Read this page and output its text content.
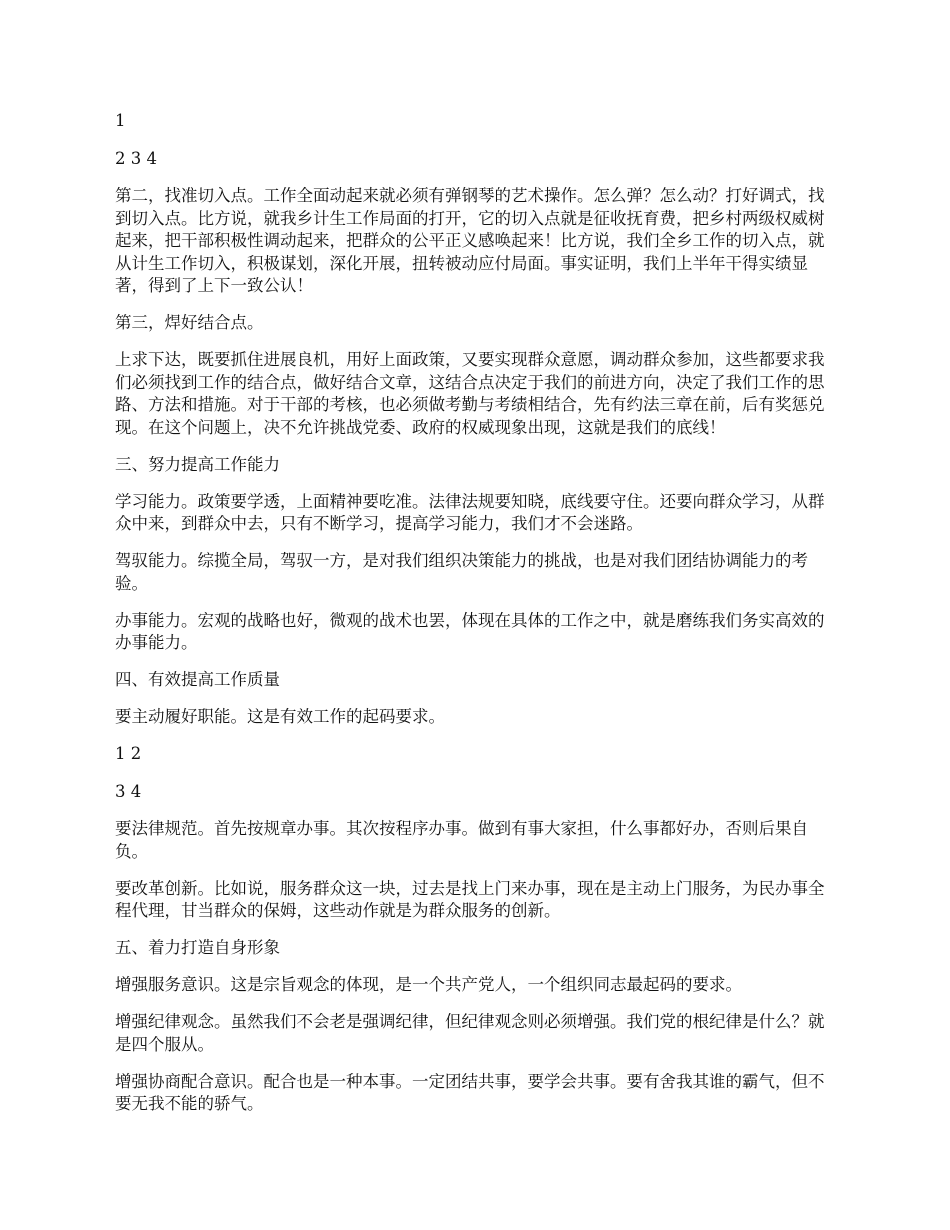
1

2 3 4

第二，找准切入点。工作全面动起来就必须有弹钢琴的艺术操作。怎么弹？怎么动？打好调式，找到切入点。比方说，就我乡计生工作局面的打开，它的切入点就是征收抚育费，把乡村两级权威树起来，把干部积极性调动起来，把群众的公平正义感唤起来！比方说，我们全乡工作的切入点，就从计生工作切入，积极谋划，深化开展，扭转被动应付局面。事实证明，我们上半年干得实绩显著，得到了上下一致公认！

第三，焊好结合点。

上求下达，既要抓住进展良机，用好上面政策，又要实现群众意愿，调动群众参加，这些都要求我们必须找到工作的结合点，做好结合文章，这结合点决定于我们的前进方向，决定了我们工作的思路、方法和措施。对于干部的考核，也必须做考勤与考绩相结合，先有约法三章在前，后有奖惩兑现。在这个问题上，决不允许挑战党委、政府的权威现象出现，这就是我们的底线！

三、努力提高工作能力

学习能力。政策要学透，上面精神要吃准。法律法规要知晓，底线要守住。还要向群众学习，从群众中来，到群众中去，只有不断学习，提高学习能力，我们才不会迷路。

驾驭能力。综揽全局，驾驭一方，是对我们组织决策能力的挑战，也是对我们团结协调能力的考验。

办事能力。宏观的战略也好，微观的战术也罢，体现在具体的工作之中，就是磨练我们务实高效的办事能力。

四、有效提高工作质量

要主动履好职能。这是有效工作的起码要求。

1 2

3 4

要法律规范。首先按规章办事。其次按程序办事。做到有事大家担，什么事都好办，否则后果自负。

要改革创新。比如说，服务群众这一块，过去是找上门来办事，现在是主动上门服务，为民办事全程代理，甘当群众的保姆，这些动作就是为群众服务的创新。

五、着力打造自身形象

增强服务意识。这是宗旨观念的体现，是一个共产党人，一个组织同志最起码的要求。

增强纪律观念。虽然我们不会老是强调纪律，但纪律观念则必须增强。我们党的根纪律是什么？就是四个服从。

增强协商配合意识。配合也是一种本事。一定团结共事，要学会共事。要有舍我其谁的霸气，但不要无我不能的骄气。
